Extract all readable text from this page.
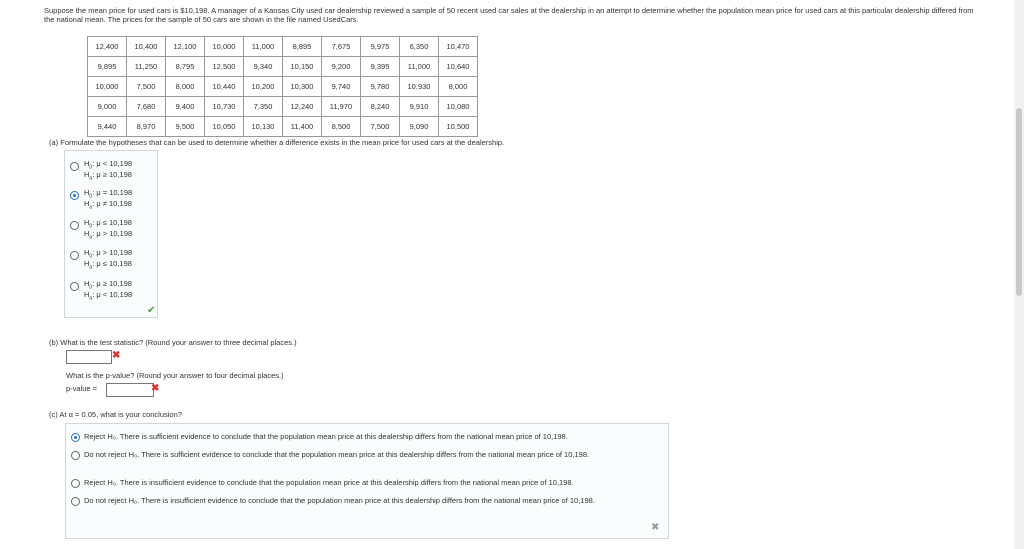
Suppose the mean price for used cars is $10,198. A manager of a Kansas City used car dealership reviewed a sample of 50 recent used car sales at the dealership in an attempt to determine whether the population mean price for used cars at this particular dealership differed from the national mean. The prices for the sample of 50 cars are shown in the file named UsedCars.
12,400	10,400	12,100	10,000	11,000	8,895	7,675	9,975	6,350	10,470
9,895	11,250	8,795	12,500	9,340	10,150	9,200	9,395	11,000	10,640
10,000	7,500	8,000	10,440	10,200	10,300	9,740	9,780	10,930	8,000
9,000	7,680	9,400	10,730	7,350	12,240	11,970	8,240	9,910	10,080
9,440	8,970	9,500	10,050	10,130	11,400	8,500	7,500	9,090	10,500
(a) Formulate the hypotheses that can be used to determine whether a difference exists in the mean price for used cars at the dealership.
$H_0$: μ < 10,198
$H_a$: μ ≥ 10,198
$H_0$: μ = 10,198
$H_a$: μ ≠ 10,198
$H_0$: μ ≤ 10,198
$H_a$: μ > 10,198
$H_0$: μ > 10,198
$H_a$: μ ≤ 10,198
$H_0$: μ ≥ 10,198
$H_a$: μ < 10,198
✔
(b) What is the test statistic? (Round your answer to three decimal places.)
✖
What is the p-value? (Round your answer to four decimal places.)
p-value =	✖
(c) At α = 0.05, what is your conclusion?
Reject H₀. There is sufficient evidence to conclude that the population mean price at this dealership differs from the national mean price of 10,198.
Do not reject H₀. There is sufficient evidence to conclude that the population mean price at this dealership differs from the national mean price of 10,198.
Reject H₀. There is insufficient evidence to conclude that the population mean price at this dealership differs from the national mean price of 10,198.
Do not reject H₀. There is insufficient evidence to conclude that the population mean price at this dealership differs from the national mean price of 10,198.
✖
